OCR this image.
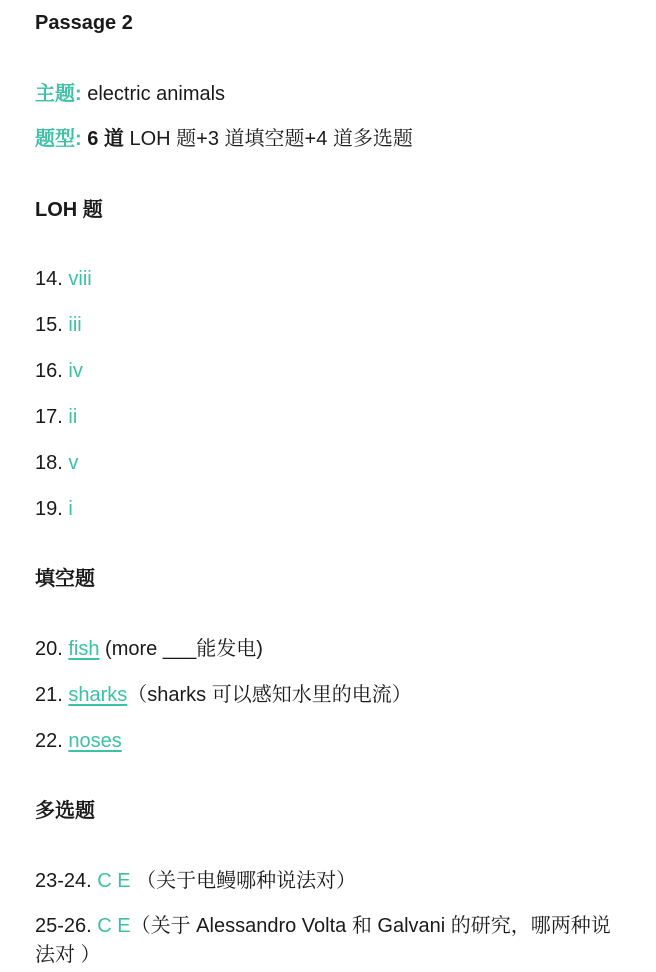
Passage 2
主题: electric animals
题型: 6 道 LOH 题+3 道填空题+4 道多选题
LOH 题
14. viii
15. iii
16. iv
17. ii
18. v
19. i
填空题
20. fish (more ___能发电)
21. sharks（sharks 可以感知水里的电流）
22. noses
多选题
23-24. C E （关于电鳗哪种说法对）
25-26. C E（关于 Alessandro Volta 和 Galvani 的研究，哪两种说
法对 ）
